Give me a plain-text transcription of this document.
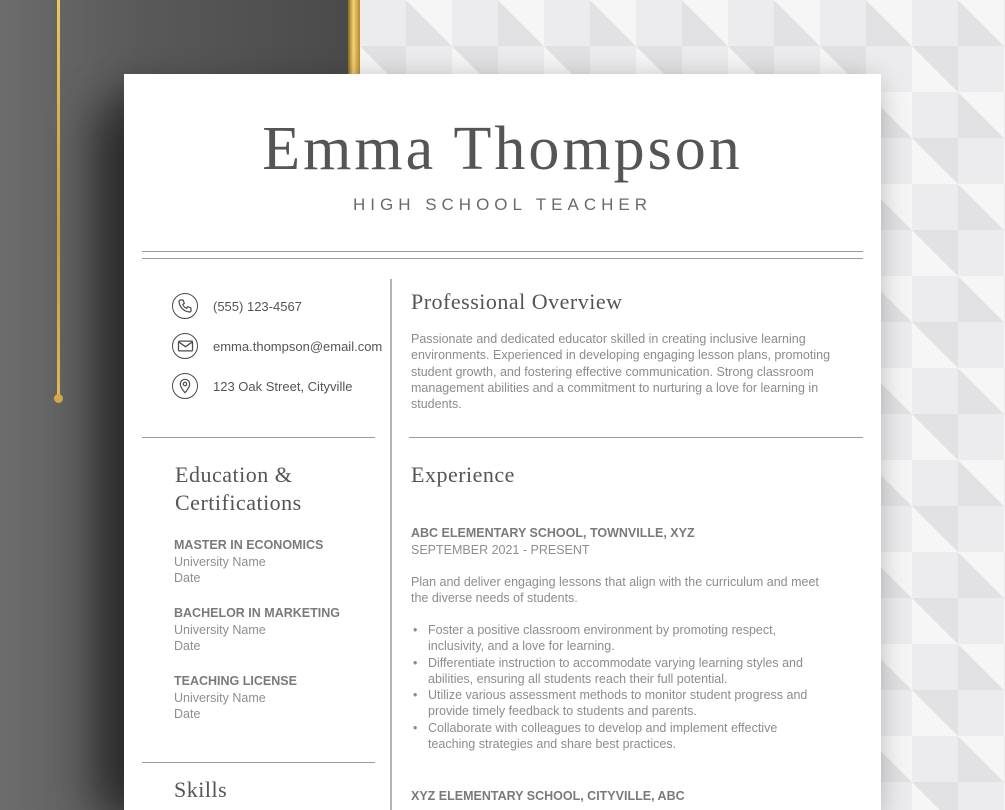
Emma Thompson
HIGH SCHOOL TEACHER
(555) 123-4567
emma.thompson@email.com
123 Oak Street, Cityville
Professional Overview
Passionate and dedicated educator skilled in creating inclusive learning
environments. Experienced in developing engaging lesson plans, promoting
student growth, and fostering effective communication. Strong classroom
management abilities and a commitment to nurturing a love for learning in
students.
Education &
Certifications
MASTER IN ECONOMICS
University Name
Date
BACHELOR IN MARKETING
University Name
Date
TEACHING LICENSE
University Name
Date
Skills
Experience
ABC ELEMENTARY SCHOOL, TOWNVILLE, XYZ
SEPTEMBER 2021 - PRESENT
Plan and deliver engaging lessons that align with the curriculum and meet
the diverse needs of students.
• Foster a positive classroom environment by promoting respect,
inclusivity, and a love for learning.
• Differentiate instruction to accommodate varying learning styles and
abilities, ensuring all students reach their full potential.
• Utilize various assessment methods to monitor student progress and
provide timely feedback to students and parents.
• Collaborate with colleagues to develop and implement effective
teaching strategies and share best practices.
XYZ ELEMENTARY SCHOOL, CITYVILLE, ABC
